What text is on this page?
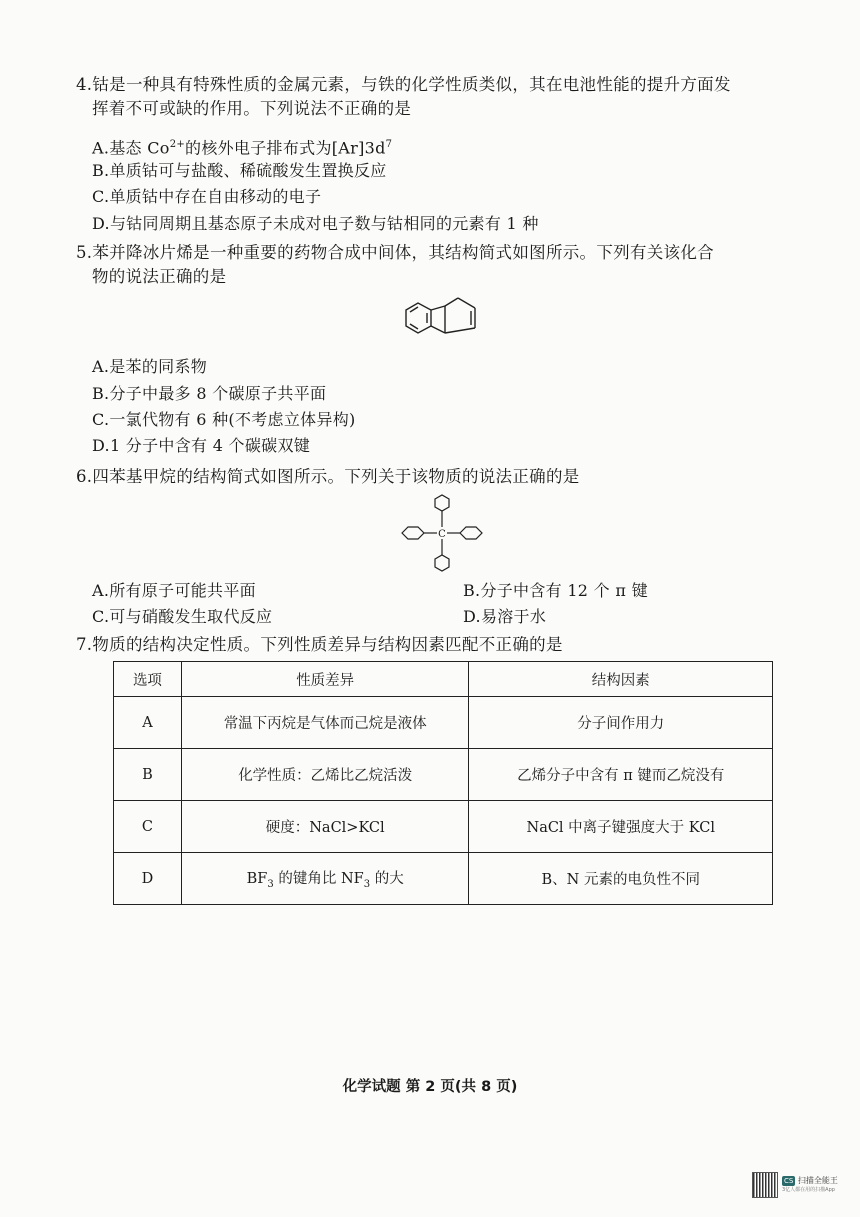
4.钴是一种具有特殊性质的金属元素，与铁的化学性质类似，其在电池性能的提升方面发
挥着不可或缺的作用。下列说法不正确的是
A.基态 $Co^{2+}$的核外电子排布式为$[Ar]3d^7$
B.单质钴可与盐酸、稀硫酸发生置换反应
C.单质钴中存在自由移动的电子
D.与钴同周期且基态原子未成对电子数与钴相同的元素有 1 种
5.苯并降冰片烯是一种重要的药物合成中间体，其结构简式如图所示。下列有关该化合
物的说法正确的是
A.是苯的同系物
B.分子中最多 8 个碳原子共平面
C.一氯代物有 6 种(不考虑立体异构)
D.1 分子中含有 4 个碳碳双键
6.四苯基甲烷的结构简式如图所示。下列关于该物质的说法正确的是
C
A.所有原子可能共平面	B.分子中含有 12 个 π 键
C.可与硝酸发生取代反应	D.易溶于水
7.物质的结构决定性质。下列性质差异与结构因素匹配不正确的是
选项	性质差异	结构因素
A	常温下丙烷是气体而己烷是液体	分子间作用力
B	化学性质：乙烯比乙烷活泼	乙烯分子中含有 π 键而乙烷没有
C	硬度：NaCl>KCl	NaCl 中离子键强度大于 KCl
D	$BF_3$ 的键角比 $NF_3$ 的大	B、N 元素的电负性不同
化学试题 第 2 页(共 8 页)
CS 扫描全能王
3亿人都在用的扫描App
